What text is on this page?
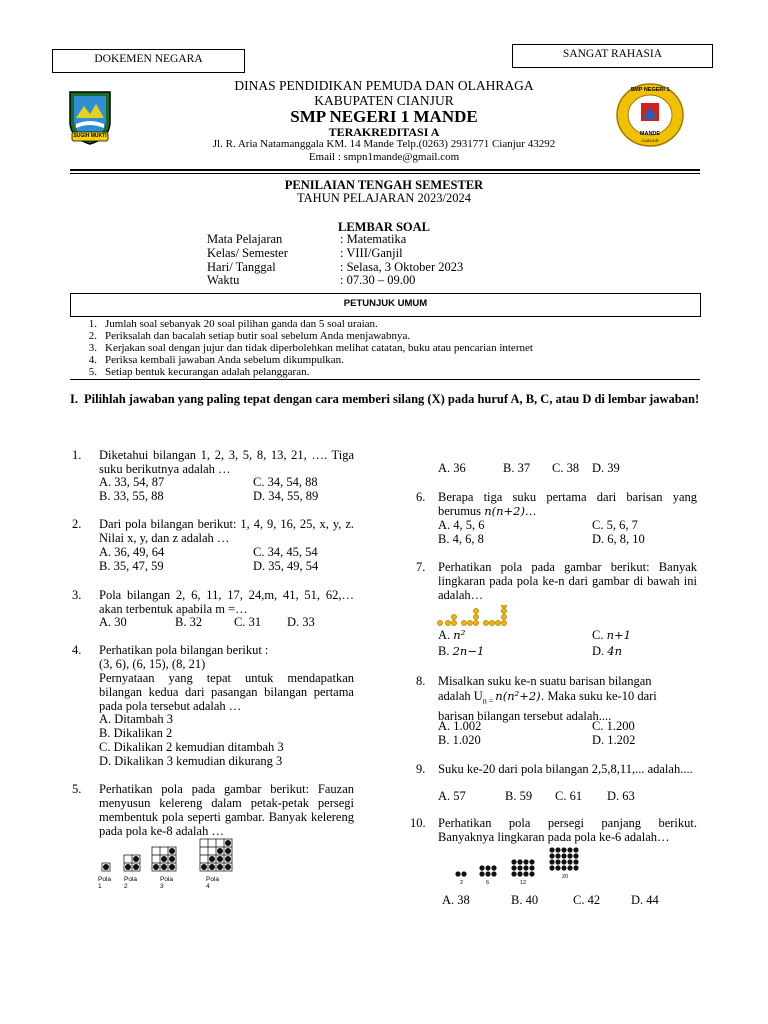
DOKEMEN NEGARA	SANGAT RAHASIA
SUGIH MUKTI
SMP NEGERI 1
MANDE
CIANJUR
DINAS PENDIDIKAN PEMUDA DAN OLAHRAGA
KABUPATEN CIANJUR
SMP NEGERI 1 MANDE
TERAKREDITASI A
Jl. R. Aria Natamanggala KM. 14 Mande Telp.(0263) 2931771 Cianjur 43292
Email : smpn1mande@gmail.com
PENILAIAN TENGAH SEMESTER
TAHUN PELAJARAN 2023/2024
LEMBAR SOAL
Mata Pelajaran	: Matematika
Kelas/ Semester	: VIII/Ganjil
Hari/ Tanggal	: Selasa, 3 Oktober 2023
Waktu	: 07.30 – 09.00
PETUNJUK UMUM
1. Jumlah soal sebanyak 20 soal pilihan ganda dan 5 soal uraian.
2. Periksalah dan bacalah setiap butir soal sebelum Anda menjawabnya.
3. Kerjakan soal dengan jujur dan tidak diperbolehkan melihat catatan, buku atau pencarian internet
4. Periksa kembali jawaban Anda sebelum dikumpulkan.
5. Setiap bentuk kecurangan adalah pelanggaran.
I. Pilihlah jawaban yang paling tepat dengan cara memberi silang (X) pada huruf A, B, C, atau D di lembar jawaban!
1. Diketahui bilangan 1, 2, 3, 5, 8, 13, 21, …. Tiga suku berikutnya adalah …
A. 33, 54, 87	C. 34, 54, 88
B. 33, 55, 88	D. 34, 55, 89
2. Dari pola bilangan berikut: 1, 4, 9, 16, 25, x, y, z. Nilai x, y, dan z adalah …
A. 36, 49, 64	C. 34, 45, 54
B. 35, 47, 59	D. 35, 49, 54
3. Pola bilangan 2, 6, 11, 17, 24,m, 41, 51, 62,… akan terbentuk apabila m =…
A. 30	B. 32	C. 31 D. 33
4. Perhatikan pola bilangan berikut :
(3, 6), (6, 15), (8, 21)
Pernyataan yang tepat untuk mendapatkan bilangan kedua dari pasangan bilangan pertama pada pola tersebut adalah …
A. Ditambah 3
B. Dikalikan 2
C. Dikalikan 2 kemudian ditambah 3
D. Dikalikan 3 kemudian dikurang 3
5. Perhatikan pola pada gambar berikut: Fauzan menyusun kelereng dalam petak-petak persegi membentuk pola seperti gambar. Banyak kelereng pada pola ke-8 adalah …
Pola 1
Pola 2
Pola 3
Pola 4
A. 36	B. 37 C. 38 D. 39
6. Berapa tiga suku pertama dari barisan yang berumus n(n+2)…
A. 4, 5, 6	C. 5, 6, 7
B. 4, 6, 8	D. 6, 8, 10
7. Perhatikan pola pada gambar berikut: Banyak lingkaran pada pola ke-n dari gambar di bawah ini adalah…
A. n²	C. n+1
B. 2n−1	D. 4n
8. Misalkan suku ke-n suatu barisan bilangan
adalah $U_{n =}$ n(n²+2). Maka suku ke-10 dari
barisan bilangan tersebut adalah....
A. 1.002	C. 1.200
B. 1.020	D. 1.202
9. Suku ke-20 dari pola bilangan 2,5,8,11,... adalah....
A. 57	B. 59 C. 61 D. 63
10. Perhatikan pola persegi panjang berikut. Banyaknya lingkaran pada pola ke-6 adalah…
2	6	12
20
A. 38	B. 40	C. 42 D. 44
